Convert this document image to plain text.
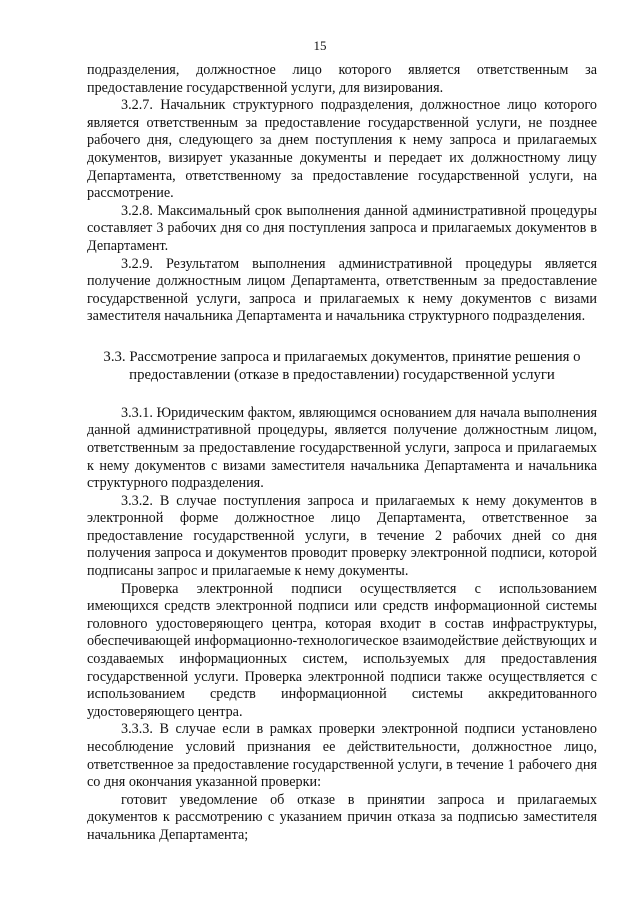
15

подразделения, должностное лицо которого является ответственным за предоставление государственной услуги, для визирования.

3.2.7. Начальник структурного подразделения, должностное лицо которого является ответственным за предоставление государственной услуги, не позднее рабочего дня, следующего за днем поступления к нему запроса и прилагаемых документов, визирует указанные документы и передает их должностному лицу Департамента, ответственному за предоставление государственной услуги, на рассмотрение.

3.2.8. Максимальный срок выполнения данной административной процедуры составляет 3 рабочих дня со дня поступления запроса и прилагаемых документов в Департамент.

3.2.9. Результатом выполнения административной процедуры является получение должностным лицом Департамента, ответственным за предоставление государственной услуги, запроса и прилагаемых к нему документов с визами заместителя начальника Департамента и начальника структурного подразделения.

3.3. Рассмотрение запроса и прилагаемых документов, принятие решения о предоставлении (отказе в предоставлении) государственной услуги

3.3.1. Юридическим фактом, являющимся основанием для начала выполнения данной административной процедуры, является получение должностным лицом, ответственным за предоставление государственной услуги, запроса и прилагаемых к нему документов с визами заместителя начальника Департамента и начальника структурного подразделения.

3.3.2. В случае поступления запроса и прилагаемых к нему документов в электронной форме должностное лицо Департамента, ответственное за предоставление государственной услуги, в течение 2 рабочих дней со дня получения запроса и документов проводит проверку электронной подписи, которой подписаны запрос и прилагаемые к нему документы.

Проверка электронной подписи осуществляется с использованием имеющихся средств электронной подписи или средств информационной системы головного удостоверяющего центра, которая входит в состав инфраструктуры, обеспечивающей информационно-технологическое взаимодействие действующих и создаваемых информационных систем, используемых для предоставления государственной услуги. Проверка электронной подписи также осуществляется с использованием средств информационной системы аккредитованного удостоверяющего центра.

3.3.3. В случае если в рамках проверки электронной подписи установлено несоблюдение условий признания ее действительности, должностное лицо, ответственное за предоставление государственной услуги, в течение 1 рабочего дня со дня окончания указанной проверки:

готовит уведомление об отказе в принятии запроса и прилагаемых документов к рассмотрению с указанием причин отказа за подписью заместителя начальника Департамента;
